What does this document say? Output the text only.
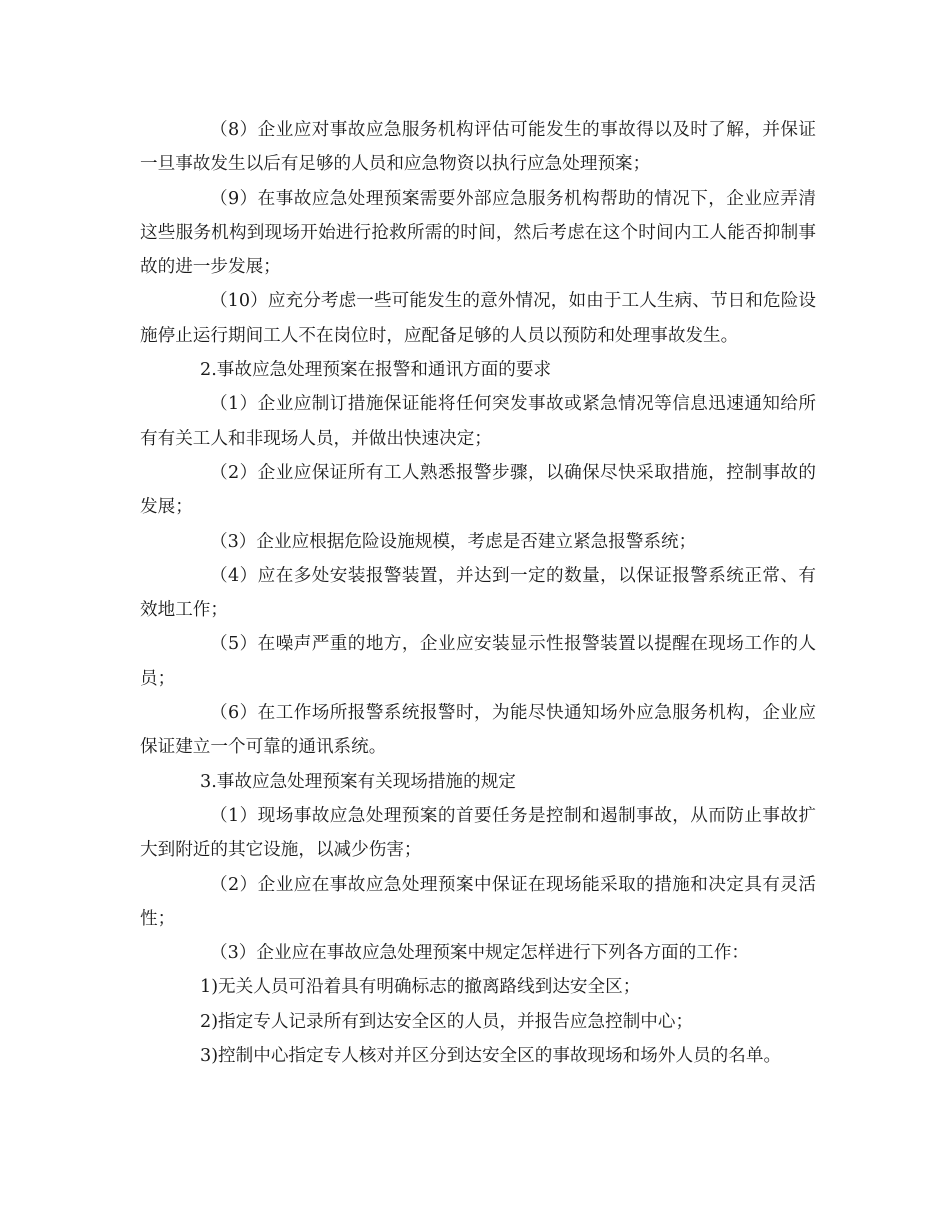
（8）企业应对事故应急服务机构评估可能发生的事故得以及时了解，并保证一旦事故发生以后有足够的人员和应急物资以执行应急处理预案；

（9）在事故应急处理预案需要外部应急服务机构帮助的情况下，企业应弄清这些服务机构到现场开始进行抢救所需的时间，然后考虑在这个时间内工人能否抑制事故的进一步发展；

（10）应充分考虑一些可能发生的意外情况，如由于工人生病、节日和危险设施停止运行期间工人不在岗位时，应配备足够的人员以预防和处理事故发生。

2.事故应急处理预案在报警和通讯方面的要求

（1）企业应制订措施保证能将任何突发事故或紧急情况等信息迅速通知给所有有关工人和非现场人员，并做出快速决定；

（2）企业应保证所有工人熟悉报警步骤，以确保尽快采取措施，控制事故的发展；

（3）企业应根据危险设施规模，考虑是否建立紧急报警系统；

（4）应在多处安装报警装置，并达到一定的数量，以保证报警系统正常、有效地工作；

（5）在噪声严重的地方，企业应安装显示性报警装置以提醒在现场工作的人员；

（6）在工作场所报警系统报警时，为能尽快通知场外应急服务机构，企业应保证建立一个可靠的通讯系统。

3.事故应急处理预案有关现场措施的规定

（1）现场事故应急处理预案的首要任务是控制和遏制事故，从而防止事故扩大到附近的其它设施，以减少伤害；

（2）企业应在事故应急处理预案中保证在现场能采取的措施和决定具有灵活性；

（3）企业应在事故应急处理预案中规定怎样进行下列各方面的工作：

1)无关人员可沿着具有明确标志的撤离路线到达安全区；

2)指定专人记录所有到达安全区的人员，并报告应急控制中心；

3)控制中心指定专人核对并区分到达安全区的事故现场和场外人员的名单。
